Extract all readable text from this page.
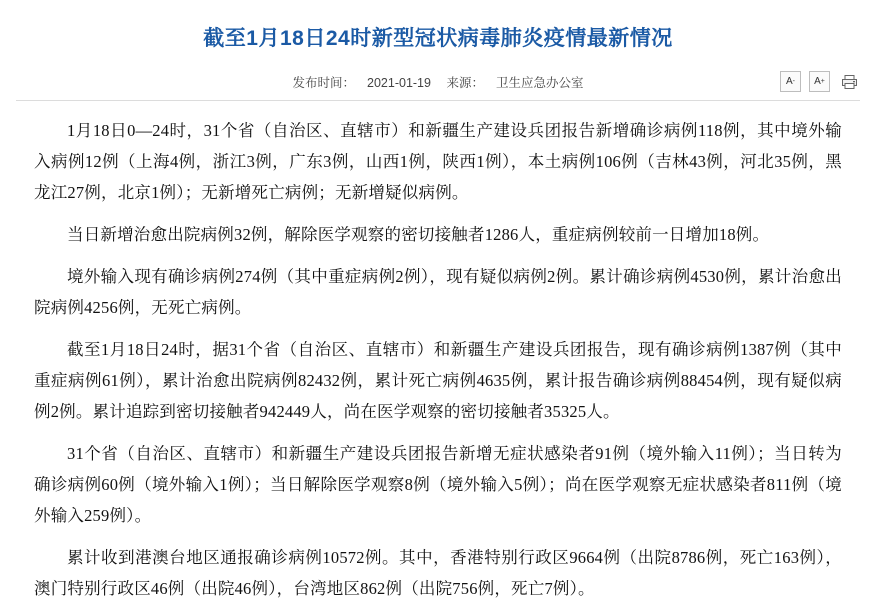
截至1月18日24时新型冠状病毒肺炎疫情最新情况
发布时间： 2021-01-19 来源： 卫生应急办公室	A - A +

1月18日0—24时，31个省（自治区、直辖市）和新疆生产建设兵团报告新增确诊病例118例，其中境外输入病例12例（上海4例，浙江3例，广东3例，山西1例，陕西1例），本土病例106例（吉林43例，河北35例，黑龙江27例，北京1例）；无新增死亡病例；无新增疑似病例。

当日新增治愈出院病例32例，解除医学观察的密切接触者1286人，重症病例较前一日增加18例。

境外输入现有确诊病例274例（其中重症病例2例），现有疑似病例2例。累计确诊病例4530例，累计治愈出院病例4256例，无死亡病例。

截至1月18日24时，据31个省（自治区、直辖市）和新疆生产建设兵团报告，现有确诊病例1387例（其中重症病例61例），累计治愈出院病例82432例，累计死亡病例4635例，累计报告确诊病例88454例，现有疑似病例2例。累计追踪到密切接触者942449人，尚在医学观察的密切接触者35325人。

31个省（自治区、直辖市）和新疆生产建设兵团报告新增无症状感染者91例（境外输入11例）；当日转为确诊病例60例（境外输入1例）；当日解除医学观察8例（境外输入5例）；尚在医学观察无症状感染者811例（境外输入259例）。

累计收到港澳台地区通报确诊病例10572例。其中，香港特别行政区9664例（出院8786例，死亡163例），澳门特别行政区46例（出院46例），台湾地区862例（出院756例，死亡7例）。
